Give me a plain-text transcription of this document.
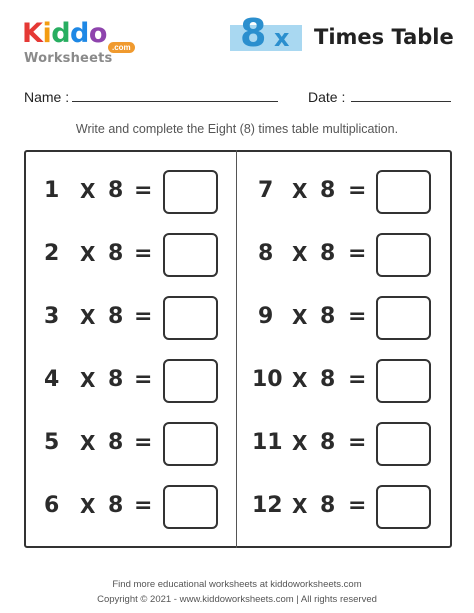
Kiddo .com
Worksheets
8 x Times Table
Name :	Date :
Write and complete the Eight (8) times table multiplication.
1 X 8 =
2 X 8 =
3 X 8 =
4 X 8 =
5 X 8 =
6 X 8 =
7 X 8 =
8 X 8 =
9 X 8 =
10 X 8 =
11 X 8 =
12 X 8 =
Find more educational worksheets at kiddoworksheets.com
Copyright © 2021 - www.kiddoworksheets.com | All rights reserved
